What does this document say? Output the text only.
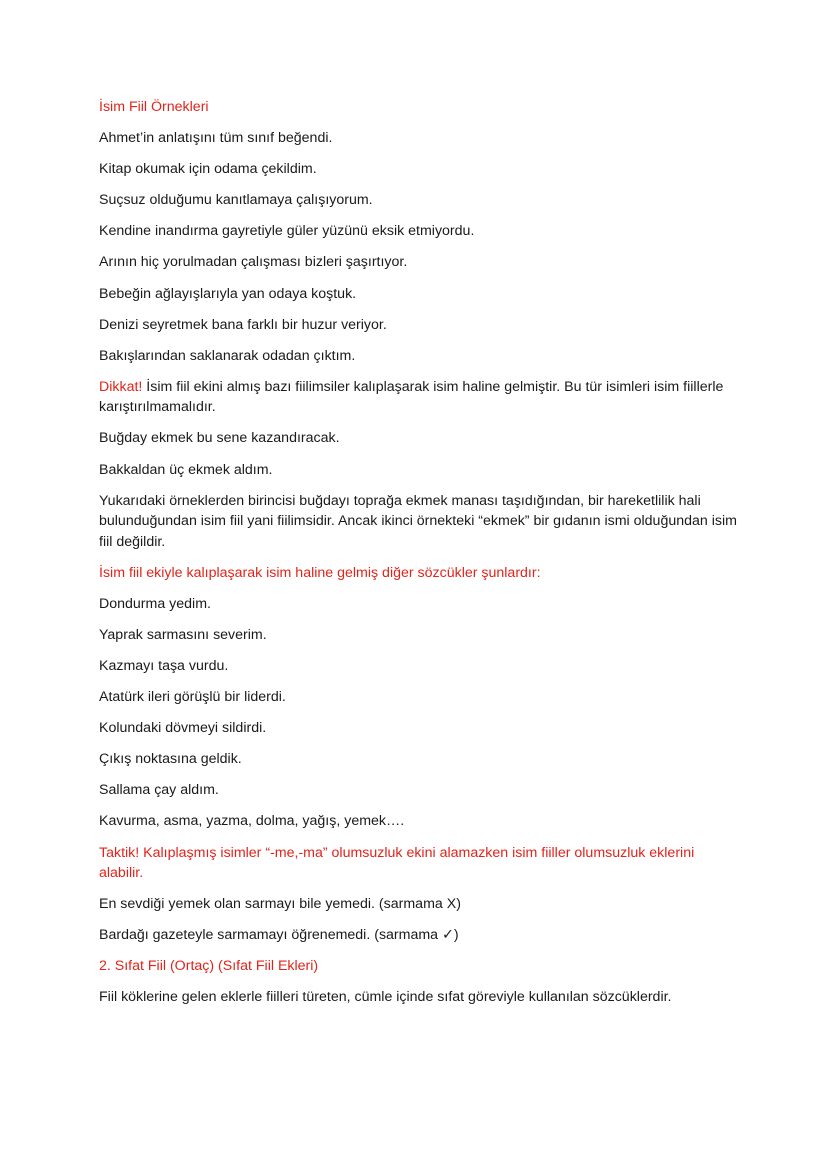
İsim Fiil Örnekleri

Ahmet’in anlatışını tüm sınıf beğendi.

Kitap okumak için odama çekildim.

Suçsuz olduğumu kanıtlamaya çalışıyorum.

Kendine inandırma gayretiyle güler yüzünü eksik etmiyordu.

Arının hiç yorulmadan çalışması bizleri şaşırtıyor.

Bebeğin ağlayışlarıyla yan odaya koştuk.

Denizi seyretmek bana farklı bir huzur veriyor.

Bakışlarından saklanarak odadan çıktım.

Dikkat! İsim fiil ekini almış bazı fiilimsiler kalıplaşarak isim haline gelmiştir. Bu tür isimleri isim fiillerle karıştırılmamalıdır.

Buğday ekmek bu sene kazandıracak.

Bakkaldan üç ekmek aldım.

Yukarıdaki örneklerden birincisi buğdayı toprağa ekmek manası taşıdığından, bir hareketlilik hali bulunduğundan isim fiil yani fiilimsidir. Ancak ikinci örnekteki “ekmek” bir gıdanın ismi olduğundan isim fiil değildir.

İsim fiil ekiyle kalıplaşarak isim haline gelmiş diğer sözcükler şunlardır:

Dondurma yedim.

Yaprak sarmasını severim.

Kazmayı taşa vurdu.

Atatürk ileri görüşlü bir liderdi.

Kolundaki dövmeyi sildirdi.

Çıkış noktasına geldik.

Sallama çay aldım.

Kavurma, asma, yazma, dolma, yağış, yemek….

Taktik! Kalıplaşmış isimler “-me,-ma” olumsuzluk ekini alamazken isim fiiller olumsuzluk eklerini alabilir.

En sevdiği yemek olan sarmayı bile yemedi. (sarmama X)

Bardağı gazeteyle sarmamayı öğrenemedi. (sarmama ✓)

2. Sıfat Fiil (Ortaç) (Sıfat Fiil Ekleri)

Fiil köklerine gelen eklerle fiilleri türeten, cümle içinde sıfat göreviyle kullanılan sözcüklerdir.
